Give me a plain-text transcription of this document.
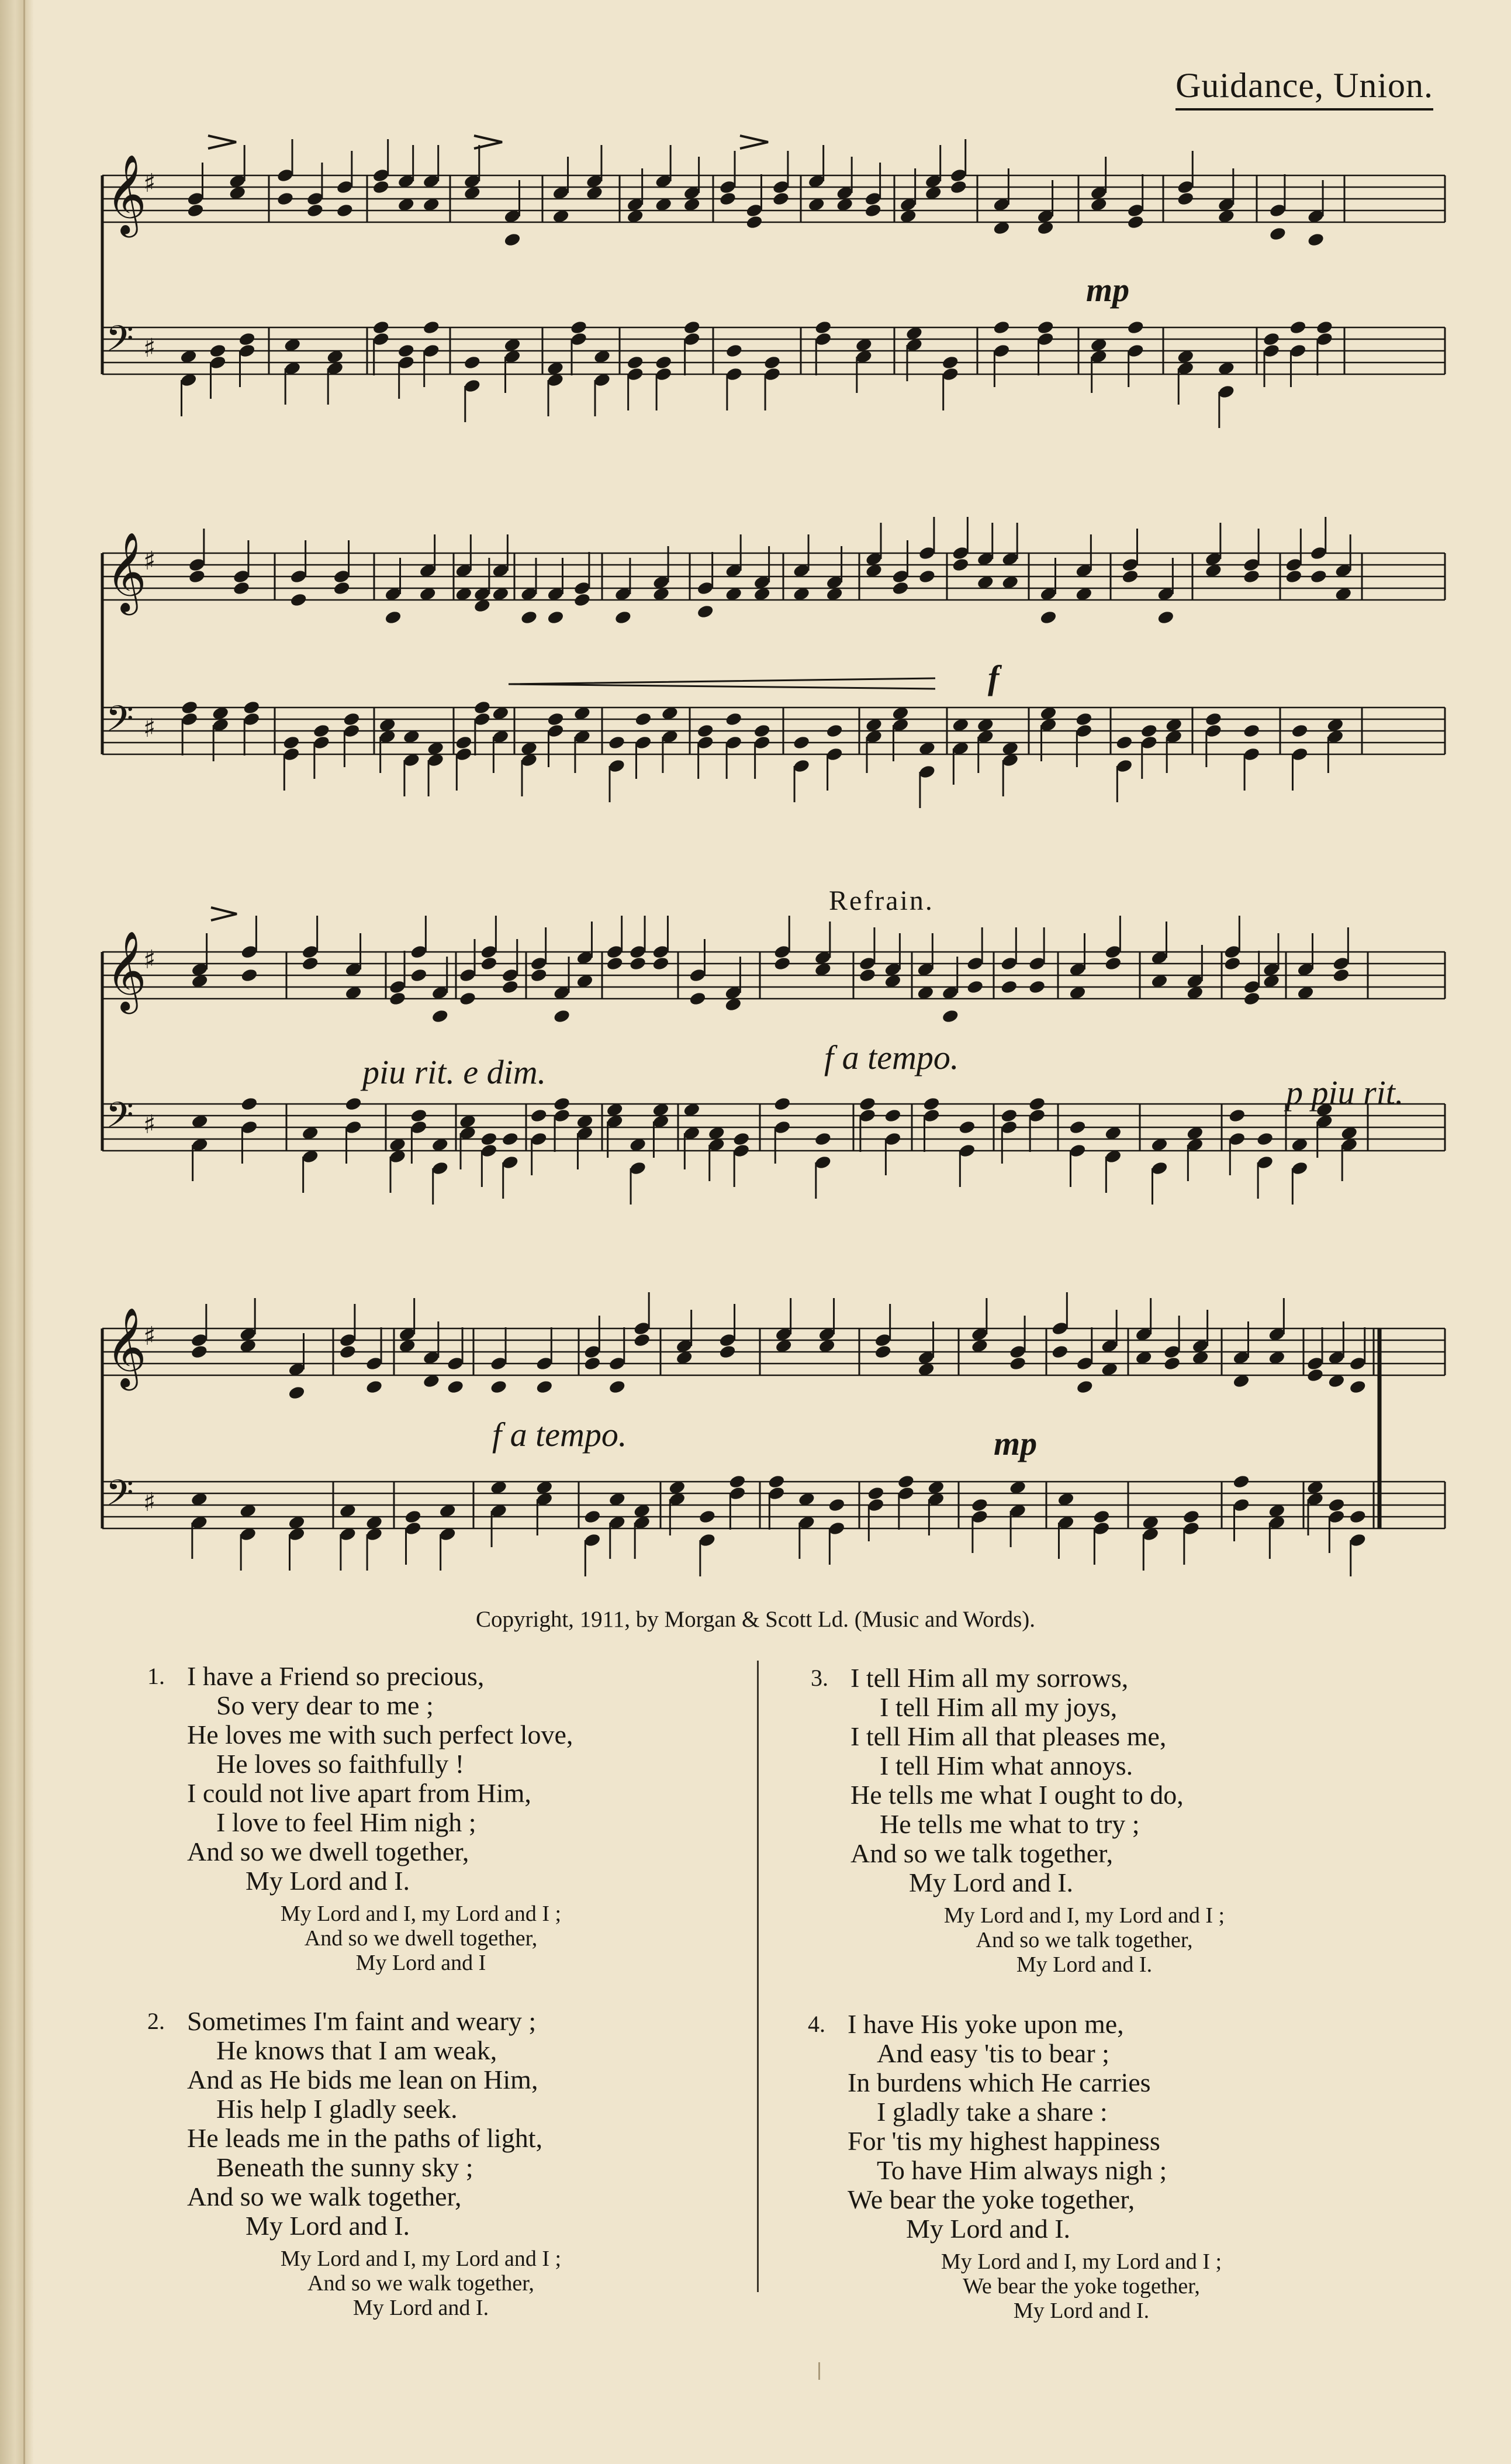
Guidance, Union.
𝄞
♯
𝄢 ♯
𝄞
♯
𝄢 ♯
𝄞
♯
𝄢 ♯
𝄞
♯
𝄢 ♯
mp
f
piu rit. e dim.	f a tempo.
Refrain.
p piu rit.
f a tempo.	mp
Copyright, 1911, by Morgan & Scott Ld. (Music and Words).
1. I have a Friend so precious,
So very dear to me ;
He loves me with such perfect love,
He loves so faithfully !
I could not live apart from Him,
I love to feel Him nigh ;
And so we dwell together,
My Lord and I.
My Lord and I, my Lord and I ;
And so we dwell together,
My Lord and I
2. Sometimes I'm faint and weary ;
He knows that I am weak,
And as He bids me lean on Him,
His help I gladly seek.
He leads me in the paths of light,
Beneath the sunny sky ;
And so we walk together,
My Lord and I.
My Lord and I, my Lord and I ;
And so we walk together,
My Lord and I.
3. I tell Him all my sorrows,
I tell Him all my joys,
I tell Him all that pleases me,
I tell Him what annoys.
He tells me what I ought to do,
He tells me what to try ;
And so we talk together,
My Lord and I.
My Lord and I, my Lord and I ;
And so we talk together,
My Lord and I.
4. I have His yoke upon me,
And easy 'tis to bear ;
In burdens which He carries
I gladly take a share :
For 'tis my highest happiness
To have Him always nigh ;
We bear the yoke together,
My Lord and I.
My Lord and I, my Lord and I ;
We bear the yoke together,
My Lord and I.
